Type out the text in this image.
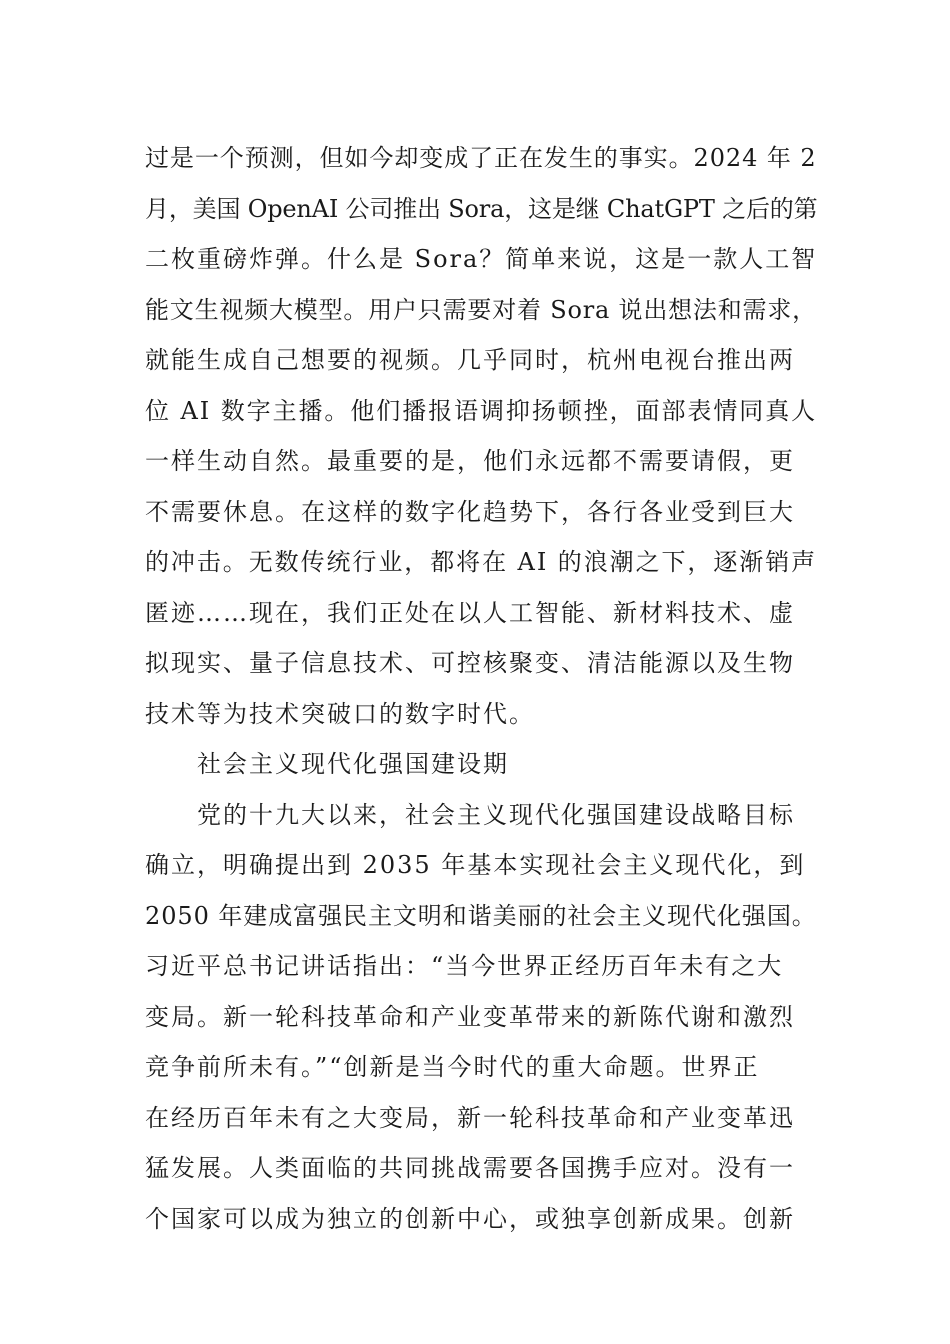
过是一个预测，但如今却变成了正在发生的事实。2024 年 2
月，美国 OpenAI 公司推出 Sora，这是继 ChatGPT 之后的第
二枚重磅炸弹。什么是 Sora？简单来说，这是一款人工智
能文生视频大模型。用户只需要对着 Sora 说出想法和需求，
就能生成自己想要的视频。几乎同时，杭州电视台推出两
位 AI 数字主播。他们播报语调抑扬顿挫，面部表情同真人
一样生动自然。最重要的是，他们永远都不需要请假，更
不需要休息。在这样的数字化趋势下，各行各业受到巨大
的冲击。无数传统行业，都将在 AI 的浪潮之下，逐渐销声
匿迹……现在，我们正处在以人工智能、新材料技术、虚
拟现实、量子信息技术、可控核聚变、清洁能源以及生物
技术等为技术突破口的数字时代。
社会主义现代化强国建设期
党的十九大以来，社会主义现代化强国建设战略目标
确立，明确提出到 2035 年基本实现社会主义现代化，到
2050 年建成富强民主文明和谐美丽的社会主义现代化强国。
习近平总书记讲话指出：“当今世界正经历百年未有之大
变局。新一轮科技革命和产业变革带来的新陈代谢和激烈
竞争前所未有。”“创新是当今时代的重大命题。世界正
在经历百年未有之大变局，新一轮科技革命和产业变革迅
猛发展。人类面临的共同挑战需要各国携手应对。没有一
个国家可以成为独立的创新中心，或独享创新成果。创新
